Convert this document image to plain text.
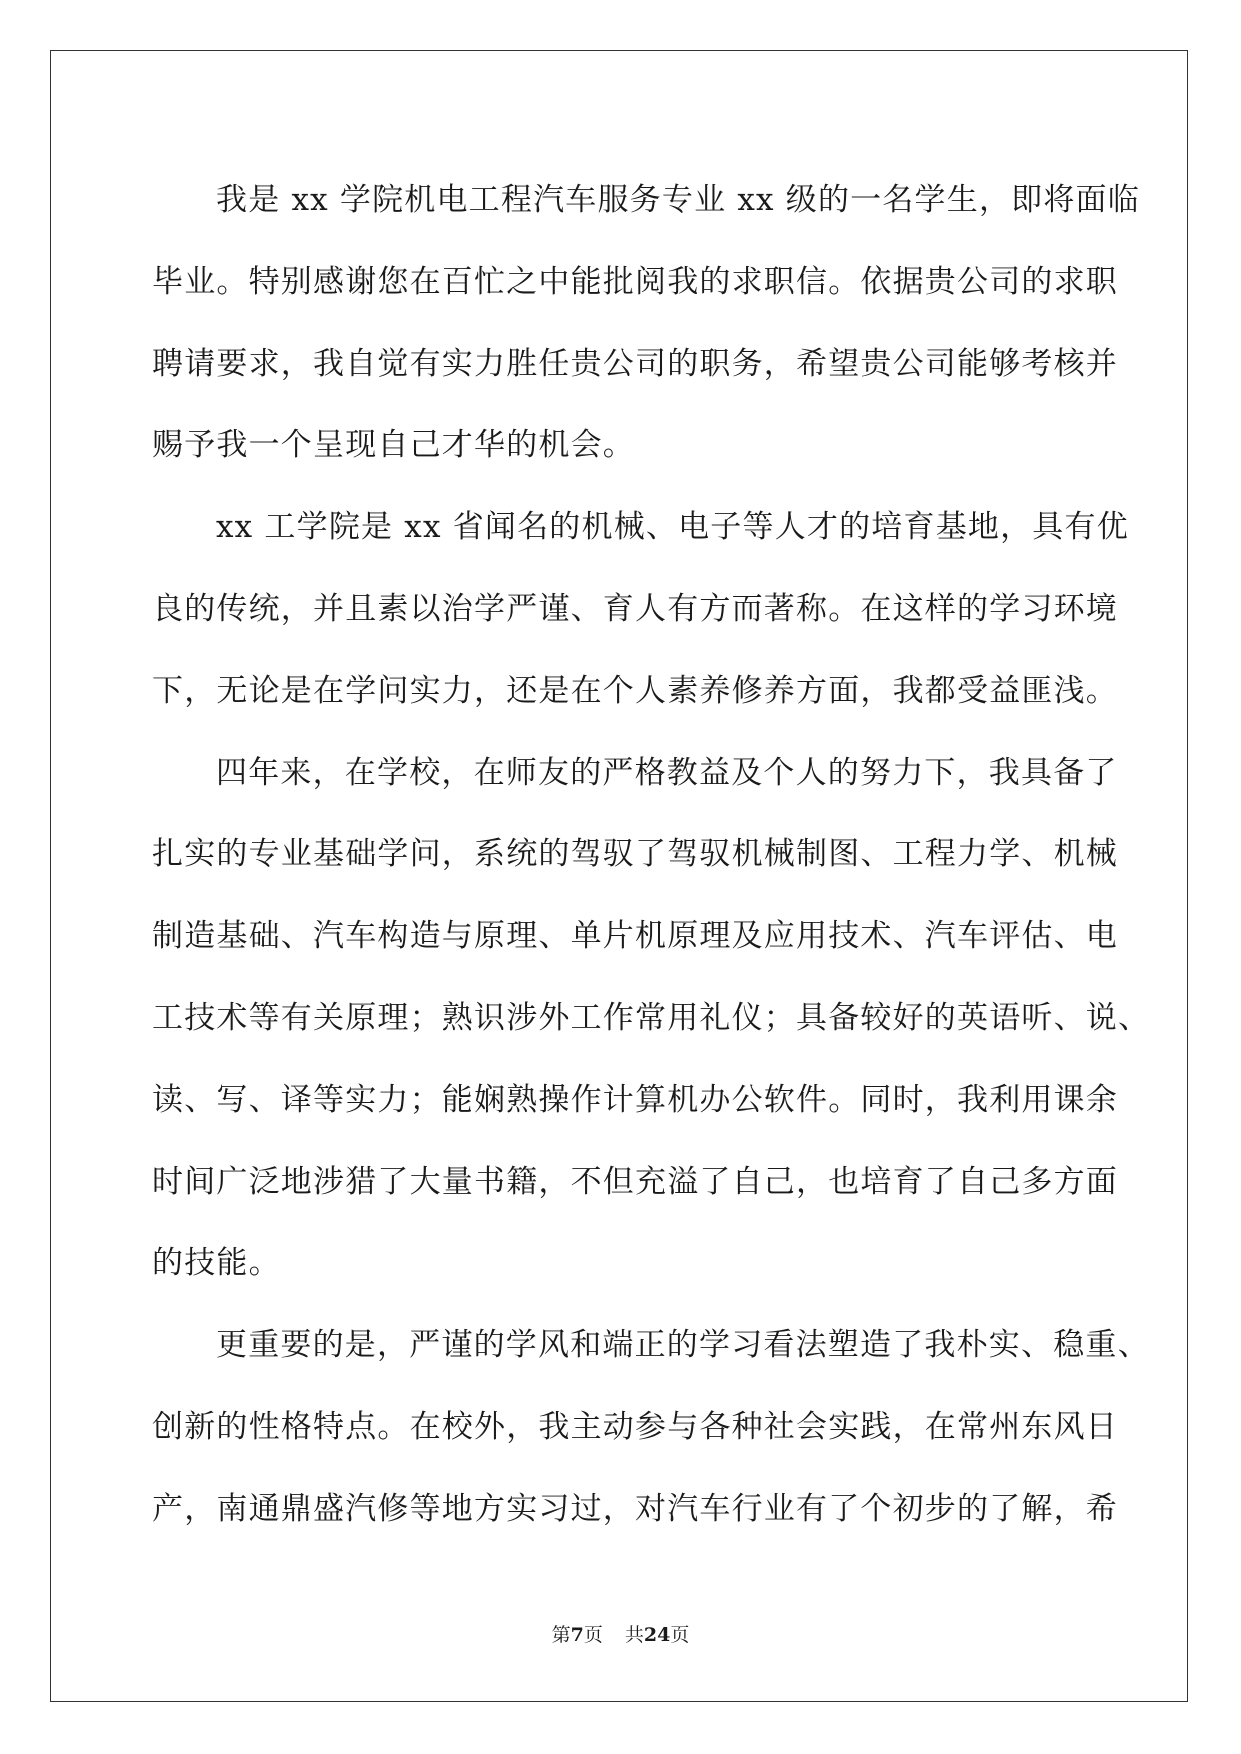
我是 xx 学院机电工程汽车服务专业 xx 级的一名学生，即将面临
毕业。特别感谢您在百忙之中能批阅我的求职信。依据贵公司的求职
聘请要求，我自觉有实力胜任贵公司的职务，希望贵公司能够考核并
赐予我一个呈现自己才华的机会。
xx 工学院是 xx 省闻名的机械、电子等人才的培育基地，具有优
良的传统，并且素以治学严谨、育人有方而著称。在这样的学习环境
下，无论是在学问实力，还是在个人素养修养方面，我都受益匪浅。
四年来，在学校，在师友的严格教益及个人的努力下，我具备了
扎实的专业基础学问，系统的驾驭了驾驭机械制图、工程力学、机械
制造基础、汽车构造与原理、单片机原理及应用技术、汽车评估、电
工技术等有关原理；熟识涉外工作常用礼仪；具备较好的英语听、说、
读、写、译等实力；能娴熟操作计算机办公软件。同时，我利用课余
时间广泛地涉猎了大量书籍，不但充溢了自己，也培育了自己多方面
的技能。
更重要的是，严谨的学风和端正的学习看法塑造了我朴实、稳重、
创新的性格特点。在校外，我主动参与各种社会实践，在常州东风日
产，南通鼎盛汽修等地方实习过，对汽车行业有了个初步的了解，希
第7页 共24页
